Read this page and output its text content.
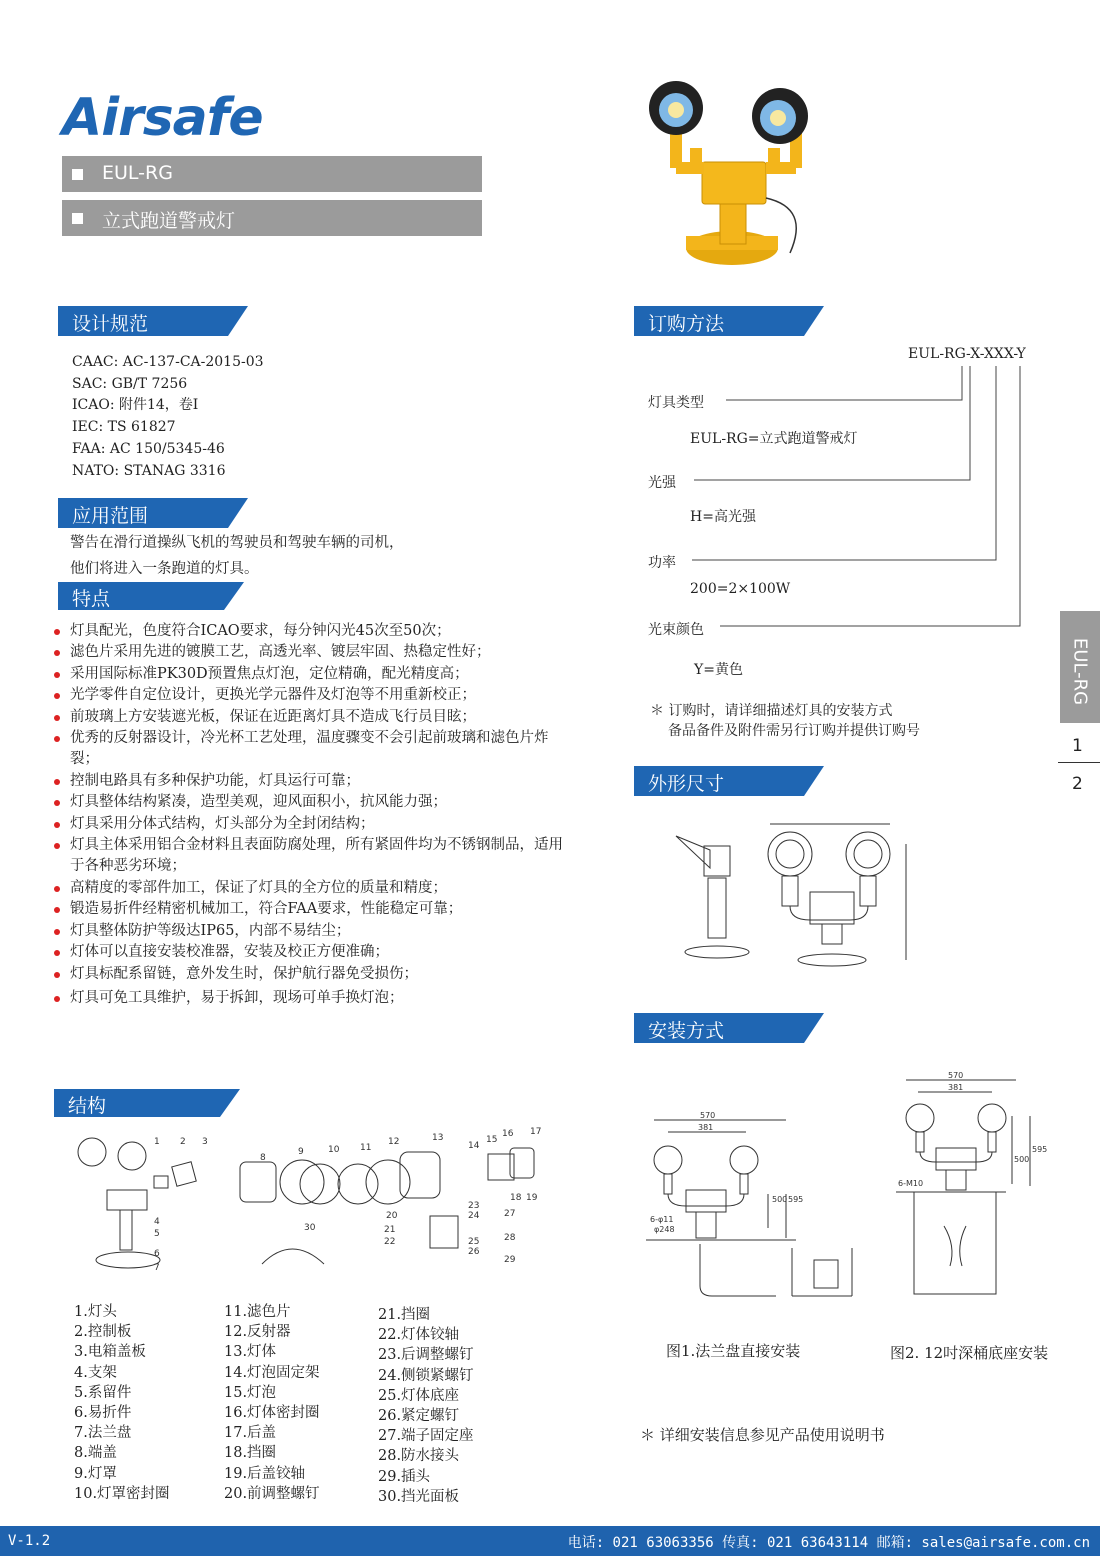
Airsafe
EUL-RG
立式跑道警戒灯
设计规范
CAAC: AC-137-CA-2015-03
SAC: GB/T 7256
ICAO: 附件14，卷I
IEC: TS 61827
FAA: AC 150/5345-46
NATO: STANAG 3316
应用范围
警告在滑行道操纵飞机的驾驶员和驾驶车辆的司机，
他们将进入一条跑道的灯具。
特点
灯具配光，色度符合ICAO要求，每分钟闪光45次至50次；
滤色片采用先进的镀膜工艺，高透光率、镀层牢固、热稳定性好；
采用国际标准PK30D预置焦点灯泡，定位精确，配光精度高；
光学零件自定位设计，更换光学元器件及灯泡等不用重新校正；
前玻璃上方安装遮光板，保证在近距离灯具不造成飞行员目眩；
优秀的反射器设计，冷光杯工艺处理，温度骤变不会引起前玻璃和滤色片炸裂；
控制电路具有多种保护功能，灯具运行可靠；
灯具整体结构紧凑，造型美观，迎风面积小，抗风能力强；
灯具采用分体式结构，灯头部分为全封闭结构；
灯具主体采用铝合金材料且表面防腐处理，所有紧固件均为不锈钢制品，适用于各种恶劣环境；
高精度的零部件加工，保证了灯具的全方位的质量和精度；
锻造易折件经精密机械加工，符合FAA要求，性能稳定可靠；
灯具整体防护等级达IP65，内部不易结尘；
灯体可以直接安装校准器，安装及校正方便准确；
灯具标配系留链，意外发生时，保护航行器免受损伤；
灯具可免工具维护，易于拆卸，现场可单手换灯泡；
结构
1 2 3
4
5
6
7
8
9	10 11
12	13
14
15
16 17
18 19
20
21
22
23
24
25
26
27
28
29
30
1.灯头
2.控制板
3.电箱盖板
4.支架
5.系留件
6.易折件
7.法兰盘
8.端盖
9.灯罩
10.灯罩密封圈
11.滤色片
12.反射器
13.灯体
14.灯泡固定架
15.灯泡
16.灯体密封圈
17.后盖
18.挡圈
19.后盖铰轴
20.前调整螺钉
21.挡圈
22.灯体铰轴
23.后调整螺钉
24.侧锁紧螺钉
25.灯体底座
26.紧定螺钉
27.端子固定座
28.防水接头
29.插头
30.挡光面板
订购方法
EUL-RG-X-XXX-Y
灯具类型
EUL-RG=立式跑道警戒灯
光强
H=高光强
功率
200=2×100W
光束颜色
Y=黄色
＊ 订购时，请详细描述灯具的安装方式
备品备件及附件需另行订购并提供订购号
外形尺寸
安装方式
570
381
500 595
6-φ11
φ248
570
381
500
595
6-M10
图1.法兰盘直接安装	图2. 12吋深桶底座安装
＊ 详细安装信息参见产品使用说明书
EUL-RG
1
2
V-1.2	电话: 021 63063356 传真: 021 63643114 邮箱: sales@airsafe.com.cn
